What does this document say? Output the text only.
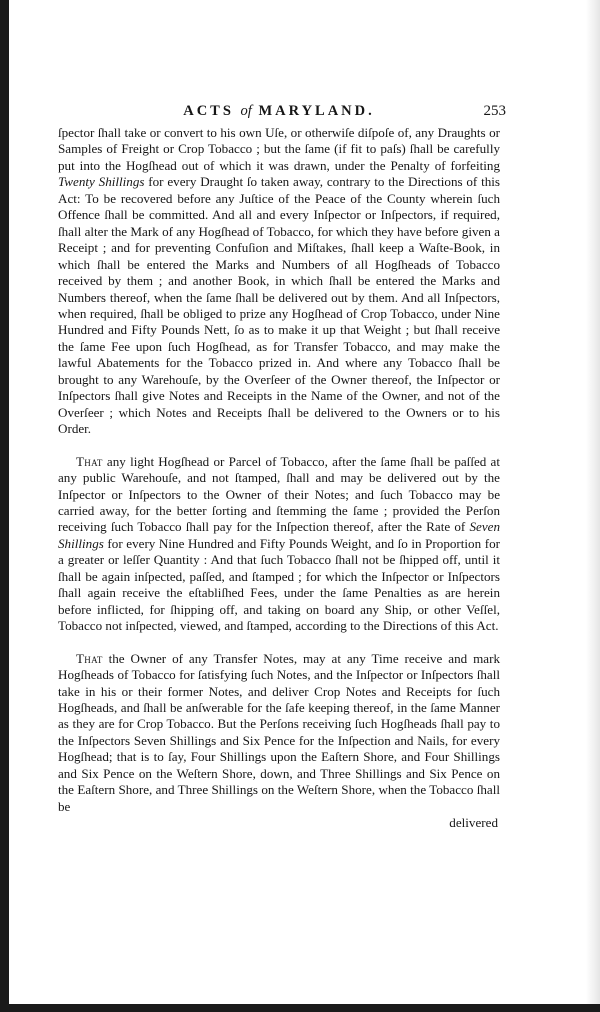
ACTS of MARYLAND.	253

ſpector ſhall take or convert to his own Uſe, or otherwiſe diſpoſe of, any Draughts or Samples of Freight or Crop Tobacco ; but the ſame (if fit to paſs) ſhall be carefully put into the Hogſhead out of which it was drawn, under the Penalty of forfeiting Twenty Shillings for every Draught ſo taken away, contrary to the Directions of this Act: To be recovered before any Juſtice of the Peace of the County wherein ſuch Offence ſhall be committed. And all and every Inſpector or Inſpectors, if required, ſhall alter the Mark of any Hogſhead of Tobacco, for which they have before given a Receipt ; and for preventing Confuſion and Miſtakes, ſhall keep a Waſte-Book, in which ſhall be entered the Marks and Numbers of all Hogſheads of Tobacco received by them ; and another Book, in which ſhall be entered the Marks and Numbers thereof, when the ſame ſhall be delivered out by them. And all Inſpectors, when required, ſhall be obliged to prize any Hogſhead of Crop Tobacco, under Nine Hundred and Fifty Pounds Nett, ſo as to make it up that Weight ; but ſhall receive the ſame Fee upon ſuch Hogſhead, as for Transfer Tobacco, and may make the lawful Abatements for the Tobacco prized in. And where any Tobacco ſhall be brought to any Warehouſe, by the Overſeer of the Owner thereof, the Inſpector or Inſpectors ſhall give Notes and Receipts in the Name of the Owner, and not of the Overſeer ; which Notes and Receipts ſhall be delivered to the Owners or to his Order.

That any light Hogſhead or Parcel of Tobacco, after the ſame ſhall be paſſed at any public Warehouſe, and not ſtamped, ſhall and may be delivered out by the Inſpector or Inſpectors to the Owner of their Notes; and ſuch Tobacco may be carried away, for the better ſorting and ſtemming the ſame ; provided the Perſon receiving ſuch Tobacco ſhall pay for the Inſpection thereof, after the Rate of Seven Shillings for every Nine Hundred and Fifty Pounds Weight, and ſo in Proportion for a greater or leſſer Quantity : And that ſuch Tobacco ſhall not be ſhipped off, until it ſhall be again inſpected, paſſed, and ſtamped ; for which the Inſpector or Inſpectors ſhall again receive the eſtabliſhed Fees, under the ſame Penalties as are herein before inflicted, for ſhipping off, and taking on board any Ship, or other Veſſel, Tobacco not inſpected, viewed, and ſtamped, according to the Directions of this Act.

That the Owner of any Transfer Notes, may at any Time receive and mark Hogſheads of Tobacco for ſatisfying ſuch Notes, and the Inſpector or Inſpectors ſhall take in his or their former Notes, and deliver Crop Notes and Receipts for ſuch Hogſheads, and ſhall be anſwerable for the ſafe keeping thereof, in the ſame Manner as they are for Crop Tobacco. But the Perſons receiving ſuch Hogſheads ſhall pay to the Inſpectors Seven Shillings and Six Pence for the Inſpection and Nails, for every Hogſhead; that is to ſay, Four Shillings upon the Eaſtern Shore, and Four Shillings and Six Pence on the Weſtern Shore, down, and Three Shillings and Six Pence on the Eaſtern Shore, and Three Shillings on the Weſtern Shore, when the Tobacco ſhall be

delivered
